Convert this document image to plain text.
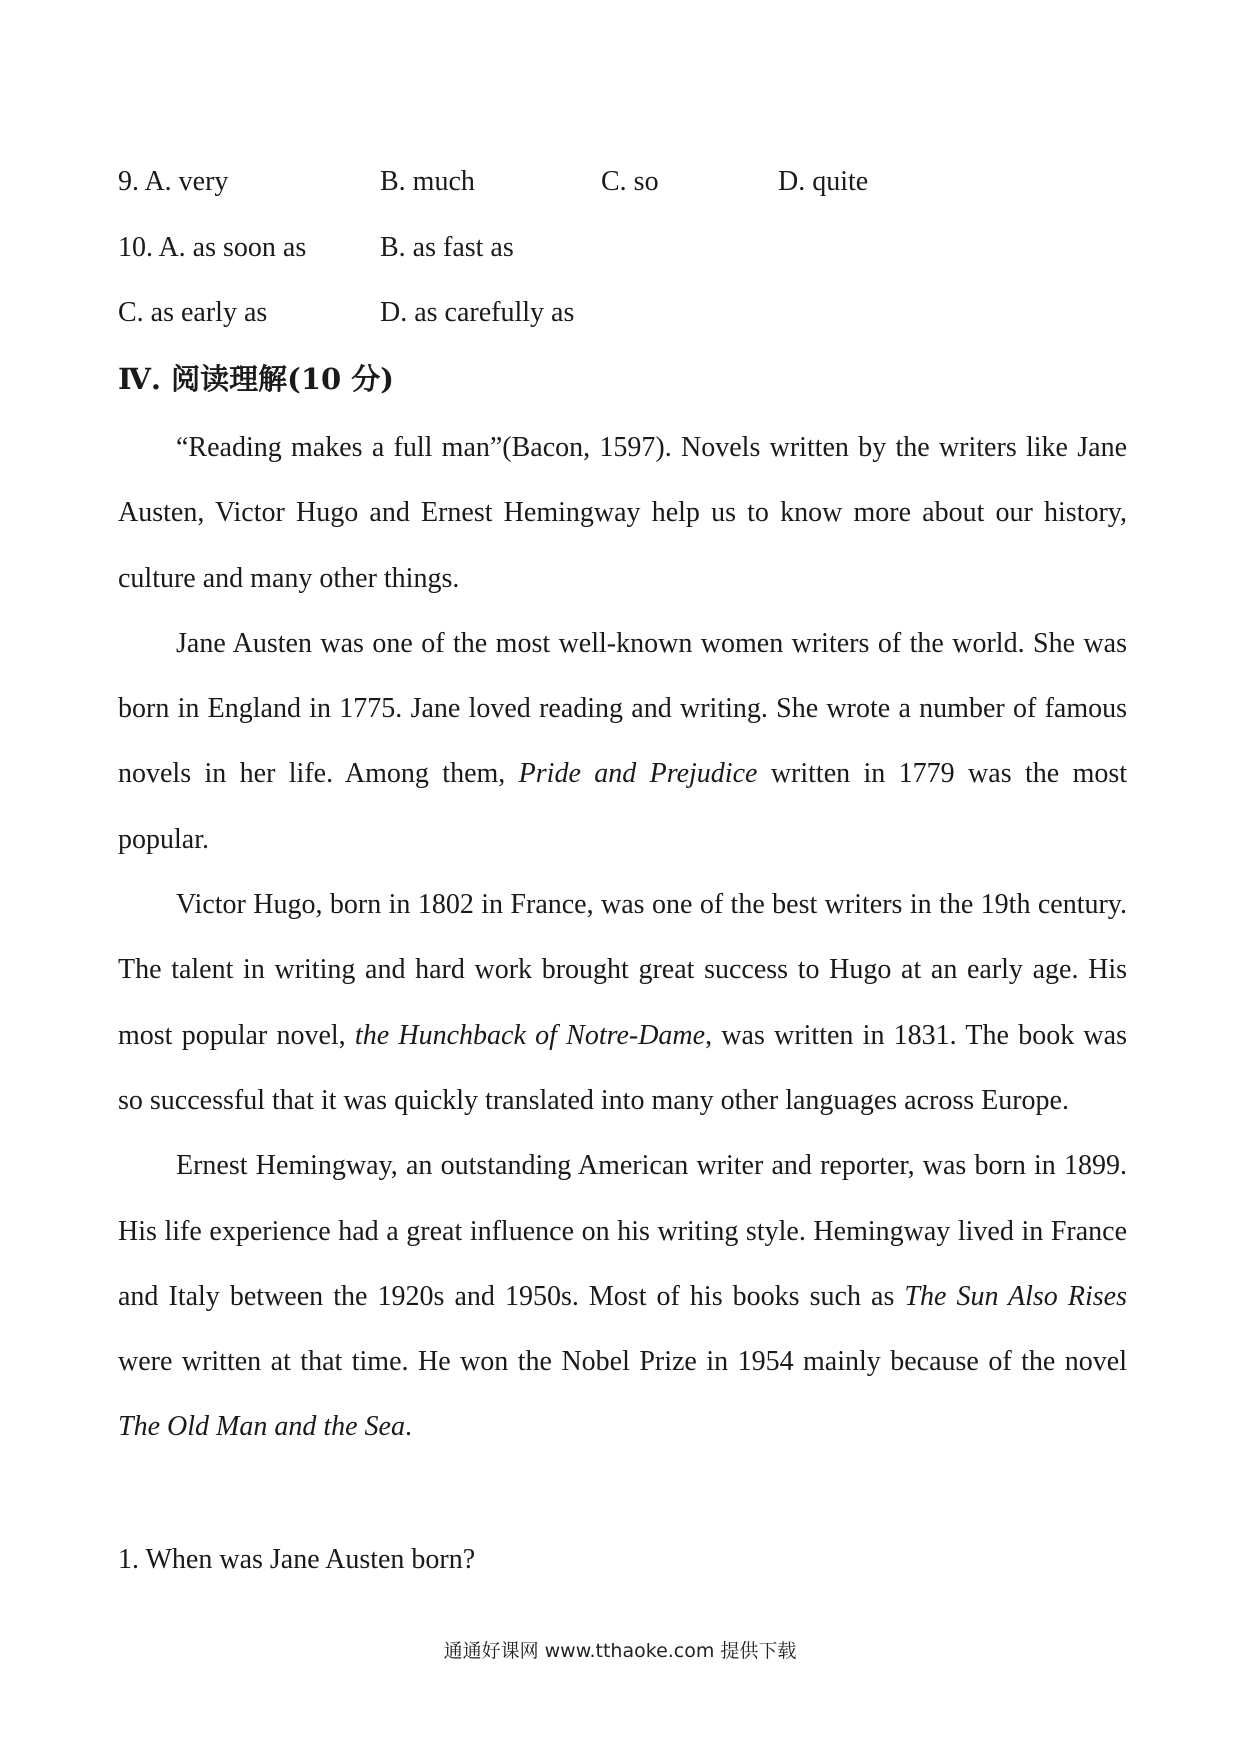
9. A. very	B. much	C. so	D. quite
10. A. as soon as	B. as fast as
C. as early as	D. as carefully as
Ⅳ. 阅读理解(10 分)

“Reading makes a full man”(Bacon, 1597). Novels written by the writers like Jane Austen, Victor Hugo and Ernest Hemingway help us to know more about our history, culture and many other things.

Jane Austen was one of the most well-known women writers of the world. She was born in England in 1775. Jane loved reading and writing. She wrote a number of famous novels in her life. Among them, Pride and Prejudice written in 1779 was the most popular.

Victor Hugo, born in 1802 in France, was one of the best writers in the 19th century. The talent in writing and hard work brought great success to Hugo at an early age. His most popular novel, the Hunchback of Notre-Dame, was written in 1831. The book was so successful that it was quickly translated into many other languages across Europe.

Ernest Hemingway, an outstanding American writer and reporter, was born in 1899. His life experience had a great influence on his writing style. Hemingway lived in France and Italy between the 1920s and 1950s. Most of his books such as The Sun Also Rises were written at that time. He won the Nobel Prize in 1954 mainly because of the novel The Old Man and the Sea.

1. When was Jane Austen born?
通通好课网 www.tthaoke.com 提供下载
